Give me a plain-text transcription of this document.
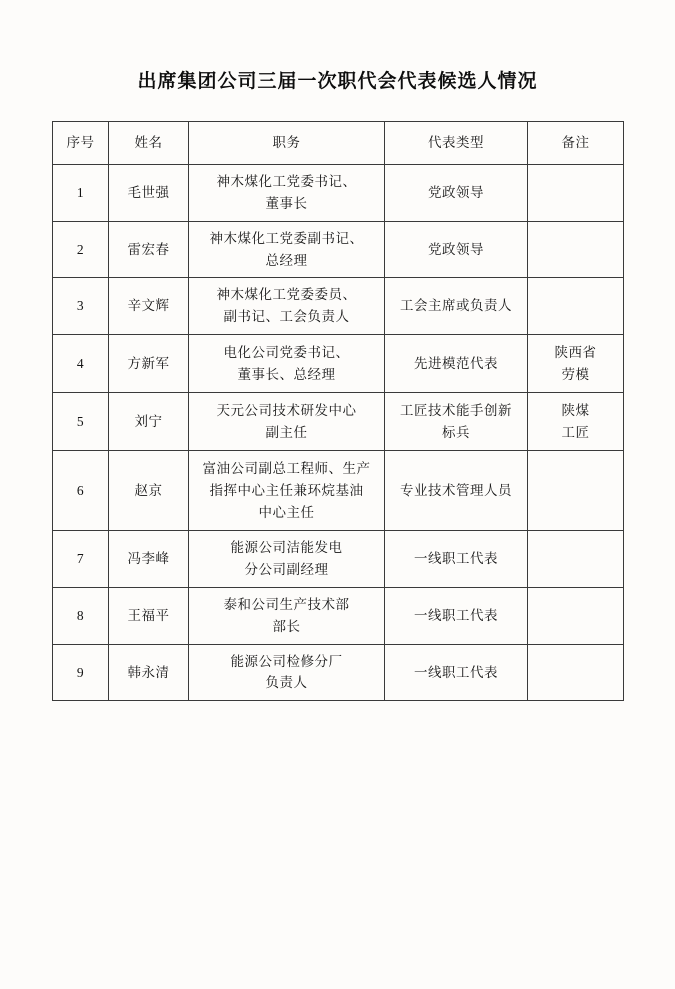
出席集团公司三届一次职代会代表候选人情况
序号	姓名	职务	代表类型	备注
1	毛世强	神木煤化工党委书记、
董事长	党政领导	

2	雷宏春	神木煤化工党委副书记、
总经理	党政领导	

3	辛文辉	神木煤化工党委委员、
副书记、工会负责人	工会主席或负责人	

4	方新军	电化公司党委书记、
董事长、总经理	先进模范代表	陕西省
劳模

5	刘宁	天元公司技术研发中心
副主任	工匠技术能手创新
标兵	陕煤
工匠

6	赵京	富油公司副总工程师、生产
指挥中心主任兼环烷基油
中心主任	专业技术管理人员	

7	冯李峰	能源公司洁能发电
分公司副经理	一线职工代表	

8	王福平	泰和公司生产技术部
部长	一线职工代表	

9	韩永清	能源公司检修分厂
负责人	一线职工代表	
